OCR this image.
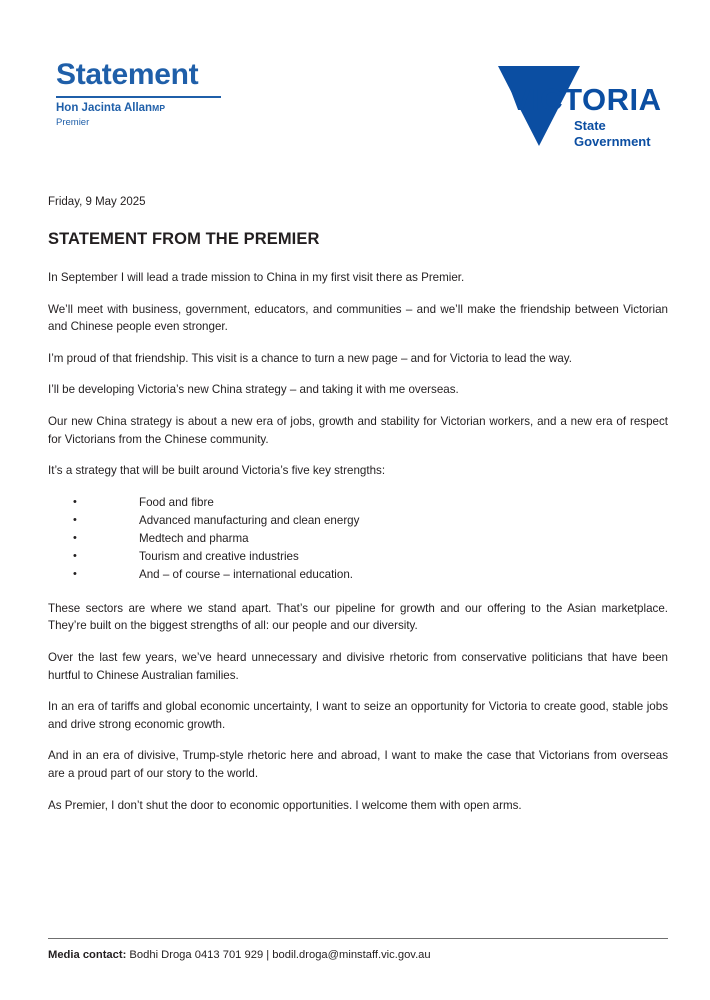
Statement
Hon Jacinta AllanMP
Premier
VICTORIA
State
Government
Friday, 9 May 2025
STATEMENT FROM THE PREMIER

In September I will lead a trade mission to China in my first visit there as Premier.

We’ll meet with business, government, educators, and communities – and we’ll make the friendship between Victorian and Chinese people even stronger.

I’m proud of that friendship. This visit is a chance to turn a new page – and for Victoria to lead the way.

I’ll be developing Victoria’s new China strategy – and taking it with me overseas.

Our new China strategy is about a new era of jobs, growth and stability for Victorian workers, and a new era of respect for Victorians from the Chinese community.

It’s a strategy that will be built around Victoria’s five key strengths:

• Food and fibre
• Advanced manufacturing and clean energy
• Medtech and pharma
• Tourism and creative industries
• And – of course – international education.

These sectors are where we stand apart. That’s our pipeline for growth and our offering to the Asian marketplace. They’re built on the biggest strengths of all: our people and our diversity.

Over the last few years, we’ve heard unnecessary and divisive rhetoric from conservative politicians that have been hurtful to Chinese Australian families.

In an era of tariffs and global economic uncertainty, I want to seize an opportunity for Victoria to create good, stable jobs and drive strong economic growth.

And in an era of divisive, Trump-style rhetoric here and abroad, I want to make the case that Victorians from overseas are a proud part of our story to the world.

As Premier, I don’t shut the door to economic opportunities. I welcome them with open arms.

Media contact: Bodhi Droga 0413 701 929 | bodil.droga@minstaff.vic.gov.au
